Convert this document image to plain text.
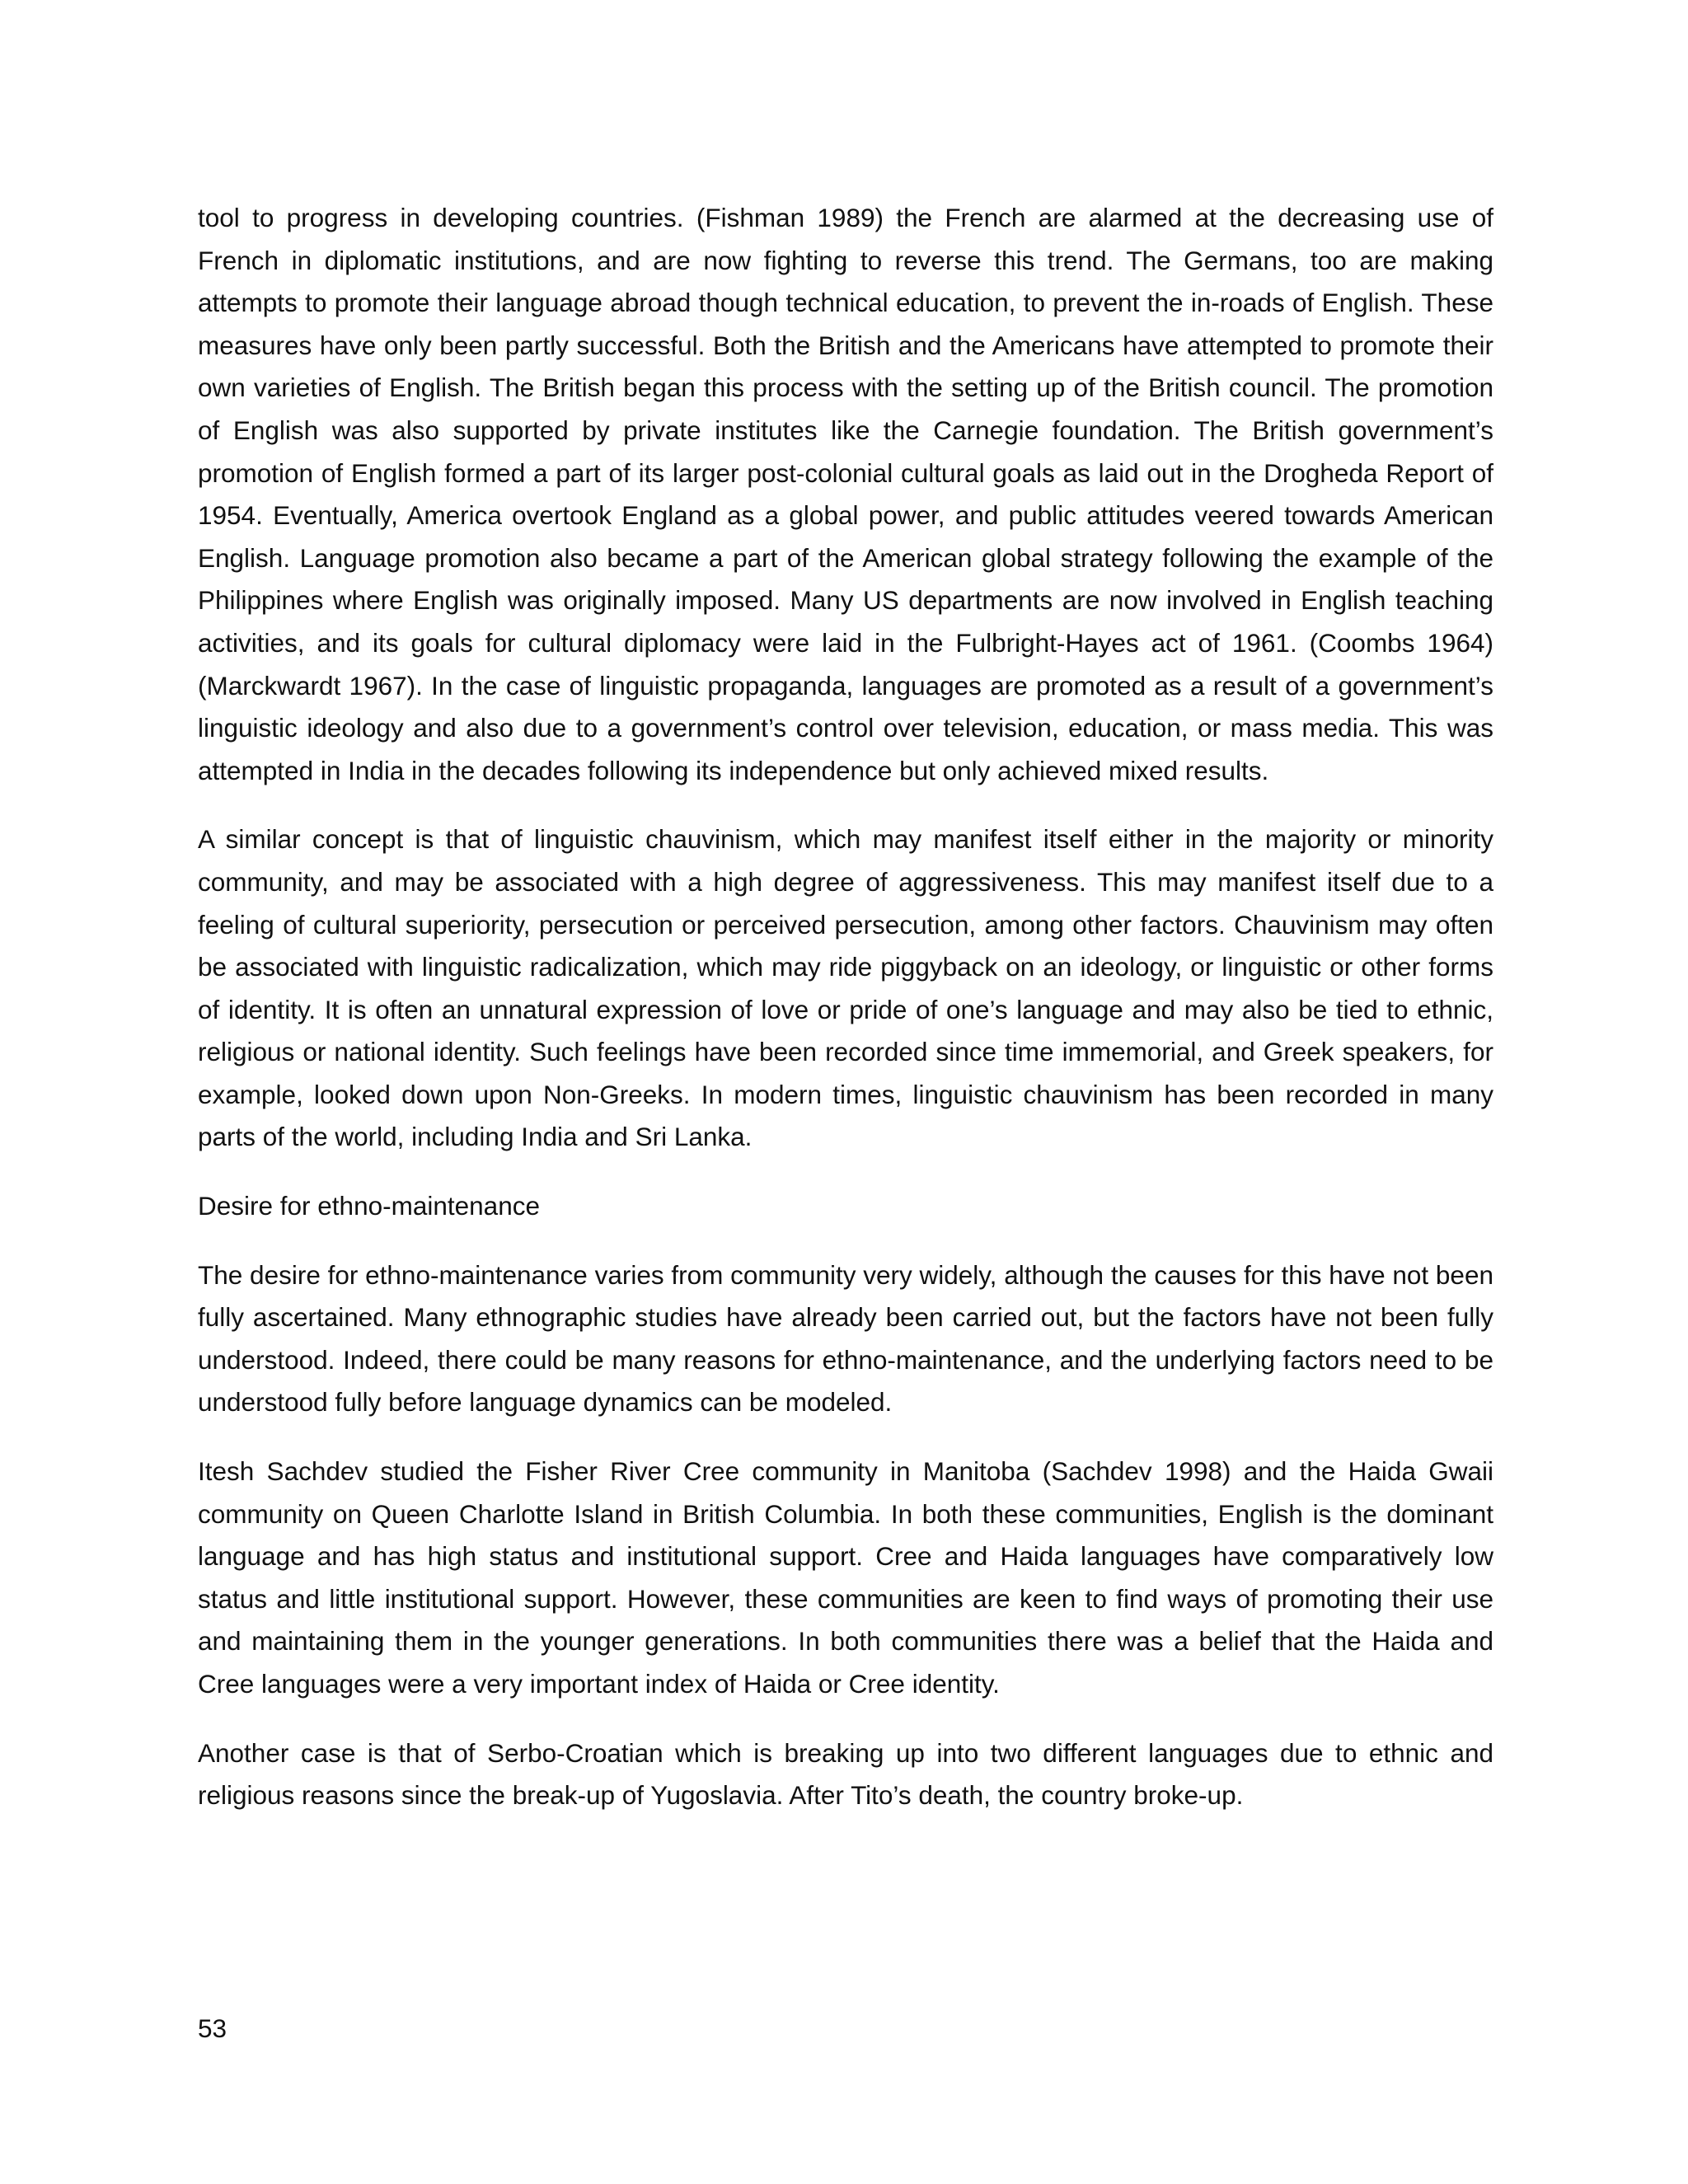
tool to progress in developing countries. (Fishman 1989) the French are alarmed at the decreasing use of French in diplomatic institutions, and are now fighting to reverse this trend. The Germans, too are making attempts to promote their language abroad though technical education, to prevent the in-roads of English. These measures have only been partly successful. Both the British and the Americans have attempted to promote their own varieties of English. The British began this process with the setting up of the British council. The promotion of English was also supported by private institutes like the Carnegie foundation. The British government’s promotion of English formed a part of its larger post-colonial cultural goals as laid out in the Drogheda Report of 1954. Eventually, America overtook England as a global power, and public attitudes veered towards American English. Language promotion also became a part of the American global strategy following the example of the Philippines where English was originally imposed. Many US departments are now involved in English teaching activities, and its goals for cultural diplomacy were laid in the Fulbright-Hayes act of 1961. (Coombs 1964) (Marckwardt 1967). In the case of linguistic propaganda, languages are promoted as a result of a government’s linguistic ideology and also due to a government’s control over television, education, or mass media. This was attempted in India in the decades following its independence but only achieved mixed results.

A similar concept is that of linguistic chauvinism, which may manifest itself either in the majority or minority community, and may be associated with a high degree of aggressiveness. This may manifest itself due to a feeling of cultural superiority, persecution or perceived persecution, among other factors. Chauvinism may often be associated with linguistic radicalization, which may ride piggyback on an ideology, or linguistic or other forms of identity. It is often an unnatural expression of love or pride of one’s language and may also be tied to ethnic, religious or national identity. Such feelings have been recorded since time immemorial, and Greek speakers, for example, looked down upon Non-Greeks. In modern times, linguistic chauvinism has been recorded in many parts of the world, including India and Sri Lanka.

Desire for ethno-maintenance

The desire for ethno-maintenance varies from community very widely, although the causes for this have not been fully ascertained. Many ethnographic studies have already been carried out, but the factors have not been fully understood. Indeed, there could be many reasons for ethno-maintenance, and the underlying factors need to be understood fully before language dynamics can be modeled.

Itesh Sachdev studied the Fisher River Cree community in Manitoba (Sachdev 1998) and the Haida Gwaii community on Queen Charlotte Island in British Columbia. In both these communities, English is the dominant language and has high status and institutional support. Cree and Haida languages have comparatively low status and little institutional support. However, these communities are keen to find ways of promoting their use and maintaining them in the younger generations. In both communities there was a belief that the Haida and Cree languages were a very important index of Haida or Cree identity.

Another case is that of Serbo-Croatian which is breaking up into two different languages due to ethnic and religious reasons since the break-up of Yugoslavia. After Tito’s death, the country broke-up.

53
